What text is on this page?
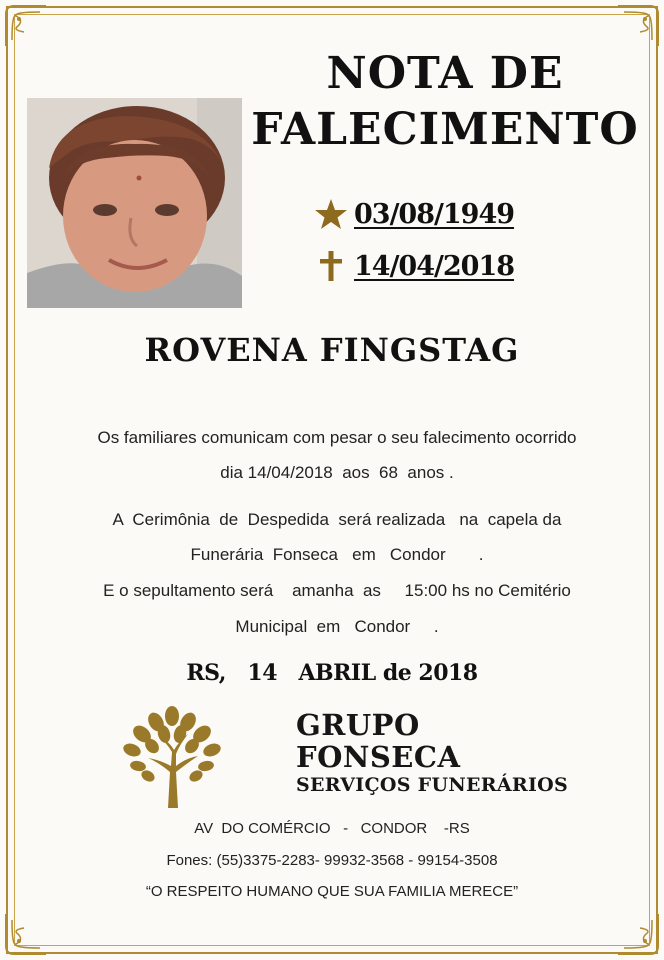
NOTA DE
FALECIMENTO
03/08/1949
14/04/2018
ROVENA FINGSTAG
Os familiares comunicam com pesar o seu falecimento ocorrido
dia 14/04/2018  aos  68  anos .
A  Cerimônia  de  Despedida  será realizada   na  capela da
Funerária  Fonseca   em   Condor       .
E o sepultamento será    amanha  as     15:00 hs no Cemitério
Municipal  em   Condor     .
RS,   14   ABRIL de 2018
GRUPO
FONSECA
SERVIÇOS FUNERÁRIOS
AV  DO COMÉRCIO   -   CONDOR    -RS
Fones: (55)3375-2283- 99932-3568 - 99154-3508
“O RESPEITO HUMANO QUE SUA FAMILIA MERECE”
